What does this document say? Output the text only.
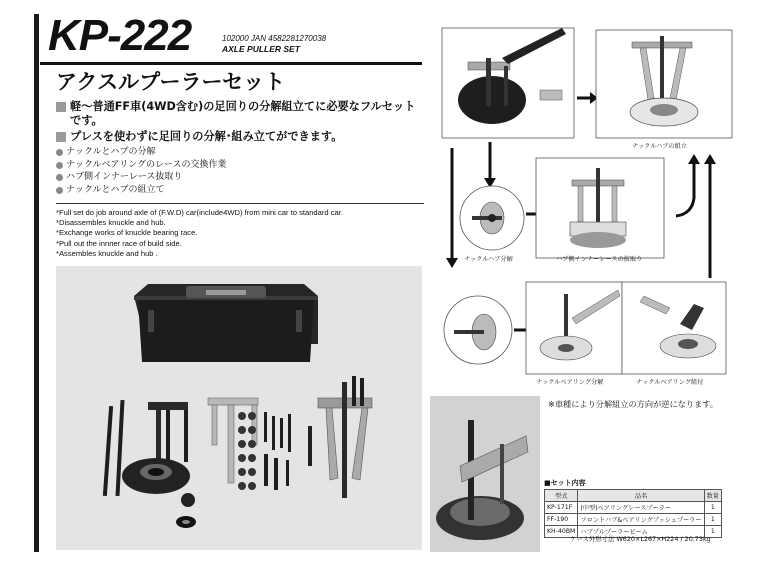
KP-222	102000 JAN 4582281270038
AXLE PULLER SET
アクスルプーラーセット
軽～普通FF車(4WD含む)の足回りの分解組立てに必要なフルセットです。
プレスを使わずに足回りの分解･組み立てができます。
ナックルとハブの分解
ナックルベアリングのレースの交換作業
ハブ側インナーレース抜取り
ナックルとハブの組立て
*Full set do job around axle of (F.W.D) car(include4WD) from mini car to standard car.
*Disassembles knuckle and hub.
*Exchange works of knuckle bearing race.
*Pull out the innner race of build side.
*Assembles knuckle and hub .
ナックルハブの組立
ナックルハブ分解	ハブ側インナーレースの抜取り
ナックルベアリング分解	ナックルベアリング組付
※車種により分解組立の方向が逆になります。
■セット内容
型式	品名	数量
KP-171F	(中型)ベアリングレースプーラー	1
FF-190	フロントハブ&ベアリングプッシュプーラー	1
KH-40BM	ハブプルプーラービーム	1
ケース外形寸法 W620×L267×H224 / 20.73kg
